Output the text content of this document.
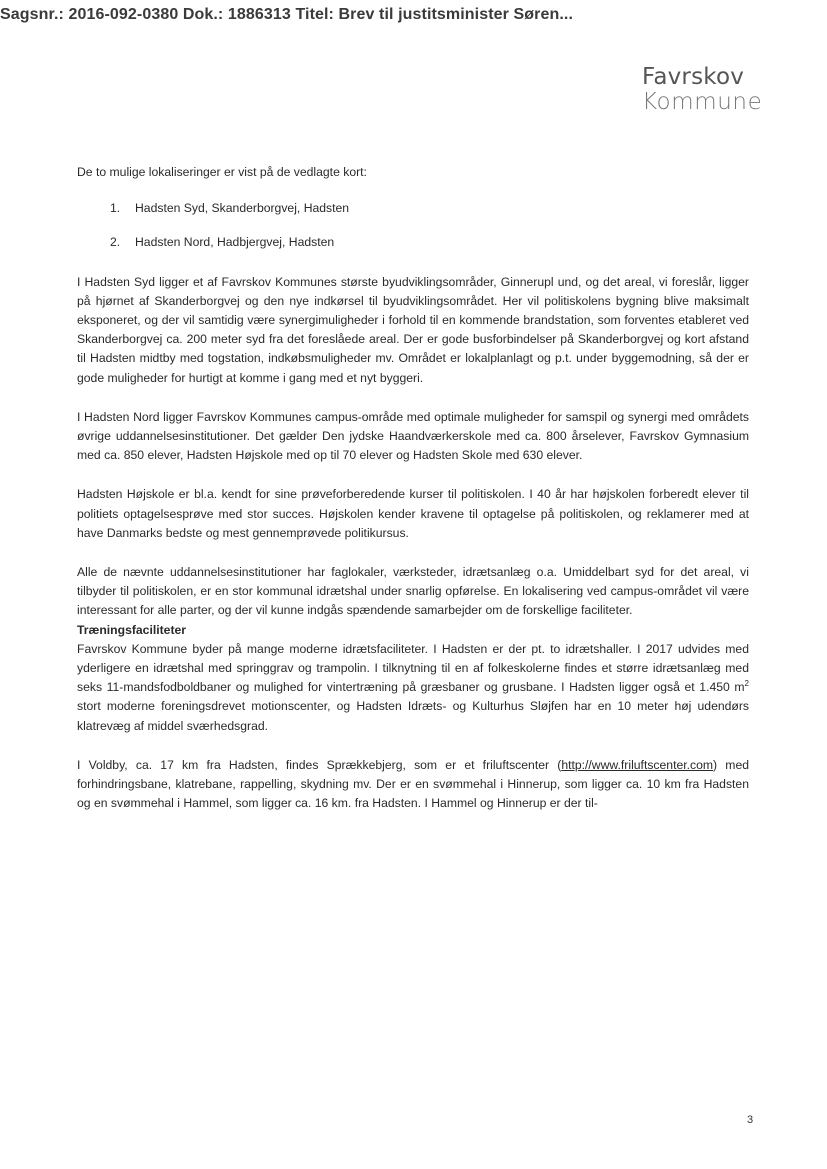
Sagsnr.: 2016-092-0380 Dok.: 1886313 Titel: Brev til justitsminister Søren...
Favrskov
Kommune

De to mulige lokaliseringer er vist på de vedlagte kort:

1. Hadsten Syd, Skanderborgvej, Hadsten
2. Hadsten Nord, Hadbjergvej, Hadsten

I Hadsten Syd ligger et af Favrskov Kommunes største byudviklingsområder, Ginnerupl und, og det areal, vi foreslår, ligger på hjørnet af Skanderborgvej og den nye indkørsel til byudviklingsområdet. Her vil politiskolens bygning blive maksimalt eksponeret, og der vil samtidig være synergimuligheder i forhold til en kommende brandstation, som forventes etableret ved Skanderborgvej ca. 200 meter syd fra det foreslåede areal. Der er gode busforbindelser på Skanderborgvej og kort afstand til Hadsten midtby med togstation, indkøbsmuligheder mv. Området er lokalplanlagt og p.t. under byggemodning, så der er gode muligheder for hurtigt at komme i gang med et nyt byggeri.

I Hadsten Nord ligger Favrskov Kommunes campus-område med optimale muligheder for samspil og synergi med områdets øvrige uddannelsesinstitutioner. Det gælder Den jydske Haandværkerskole med ca. 800 årselever, Favrskov Gymnasium med ca. 850 elever, Hadsten Højskole med op til 70 elever og Hadsten Skole med 630 elever.

Hadsten Højskole er bl.a. kendt for sine prøveforberedende kurser til politiskolen. I 40 år har højskolen forberedt elever til politiets optagelsesprøve med stor succes. Højskolen kender kravene til optagelse på politiskolen, og reklamerer med at have Danmarks bedste og mest gennemprøvede politikursus.

Alle de nævnte uddannelsesinstitutioner har faglokaler, værksteder, idrætsanlæg o.a. Umiddelbart syd for det areal, vi tilbyder til politiskolen, er en stor kommunal idrætshal under snarlig opførelse. En lokalisering ved campus-området vil være interessant for alle parter, og der vil kunne indgås spændende samarbejder om de forskellige faciliteter.

Træningsfaciliteter

Favrskov Kommune byder på mange moderne idrætsfaciliteter. I Hadsten er der pt. to idrætshaller. I 2017 udvides med yderligere en idrætshal med springgrav og trampolin. I tilknytning til en af folkeskolerne findes et større idrætsanlæg med seks 11-mandsfodboldbaner og mulighed for vintertræning på græsbaner og grusbane. I Hadsten ligger også et 1.450 $m^2$ stort moderne foreningsdrevet motionscenter, og Hadsten Idræts- og Kulturhus Sløjfen har en 10 meter høj udendørs klatrevæg af middel sværhedsgrad.

I Voldby, ca. 17 km fra Hadsten, findes Sprækkebjerg, som er et friluftscenter (http://www.friluftscenter.com) med forhindringsbane, klatrebane, rappelling, skydning mv. Der er en svømmehal i Hinnerup, som ligger ca. 10 km fra Hadsten og en svømmehal i Hammel, som ligger ca. 16 km. fra Hadsten. I Hammel og Hinnerup er der til-

3
